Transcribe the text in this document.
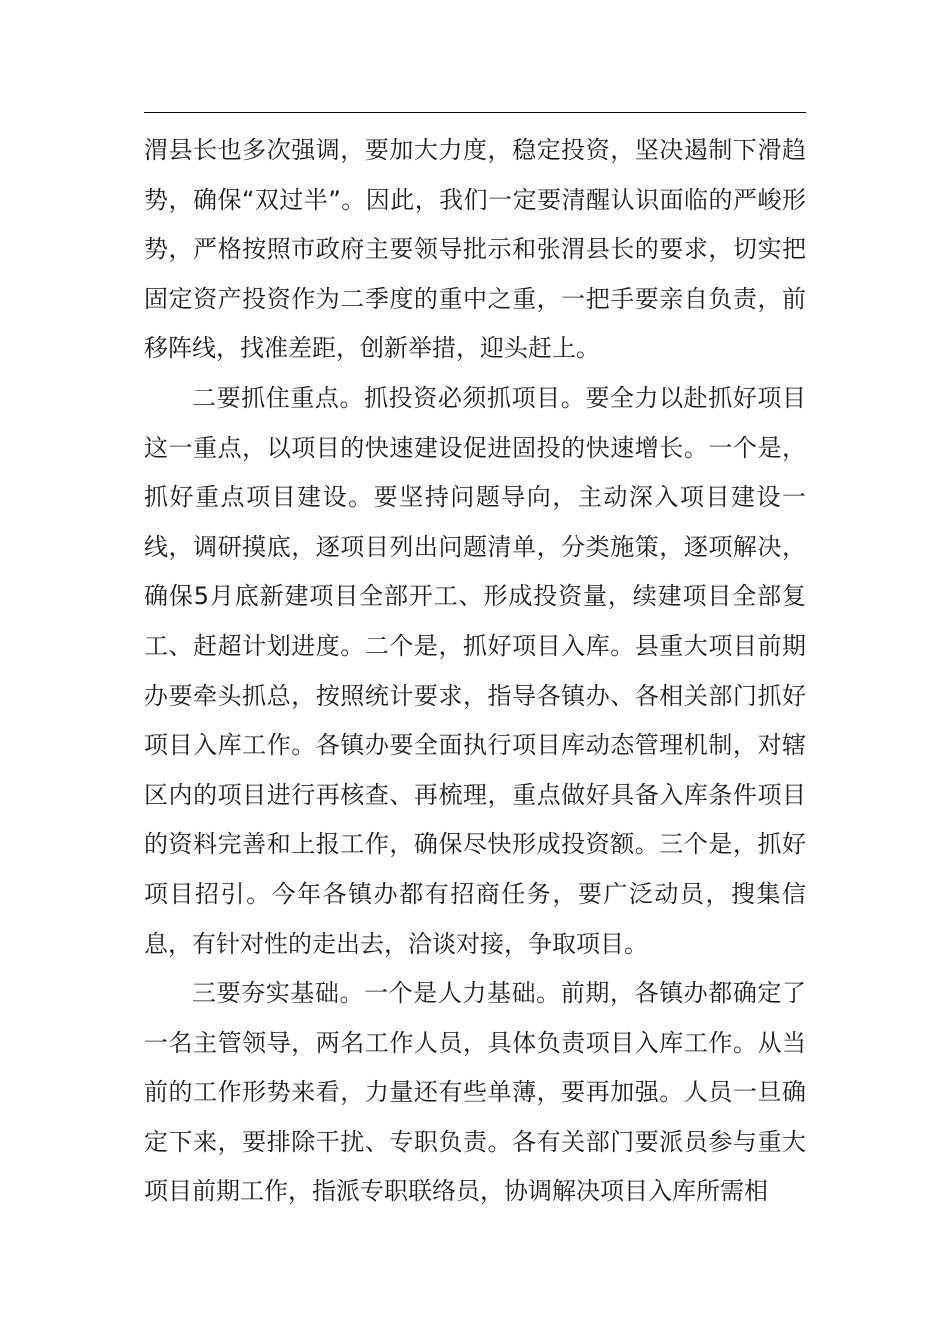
渭县长也多次强调，要加大力度，稳定投资，坚决遏制下滑趋势，确保“双过半”。因此，我们一定要清醒认识面临的严峻形势，严格按照市政府主要领导批示和张渭县长的要求，切实把固定资产投资作为二季度的重中之重，一把手要亲自负责，前移阵线，找准差距，创新举措，迎头赶上。

二要抓住重点。抓投资必须抓项目。要全力以赴抓好项目这一重点，以项目的快速建设促进固投的快速增长。一个是，抓好重点项目建设。要坚持问题导向，主动深入项目建设一线，调研摸底，逐项目列出问题清单，分类施策，逐项解决，确保5月底新建项目全部开工、形成投资量，续建项目全部复工、赶超计划进度。二个是，抓好项目入库。县重大项目前期办要牵头抓总，按照统计要求，指导各镇办、各相关部门抓好项目入库工作。各镇办要全面执行项目库动态管理机制，对辖区内的项目进行再核查、再梳理，重点做好具备入库条件项目的资料完善和上报工作，确保尽快形成投资额。三个是，抓好项目招引。今年各镇办都有招商任务，要广泛动员，搜集信息，有针对性的走出去，洽谈对接，争取项目。

三要夯实基础。一个是人力基础。前期，各镇办都确定了一名主管领导，两名工作人员，具体负责项目入库工作。从当前的工作形势来看，力量还有些单薄，要再加强。人员一旦确定下来，要排除干扰、专职负责。各有关部门要派员参与重大项目前期工作，指派专职联络员，协调解决项目入库所需相
